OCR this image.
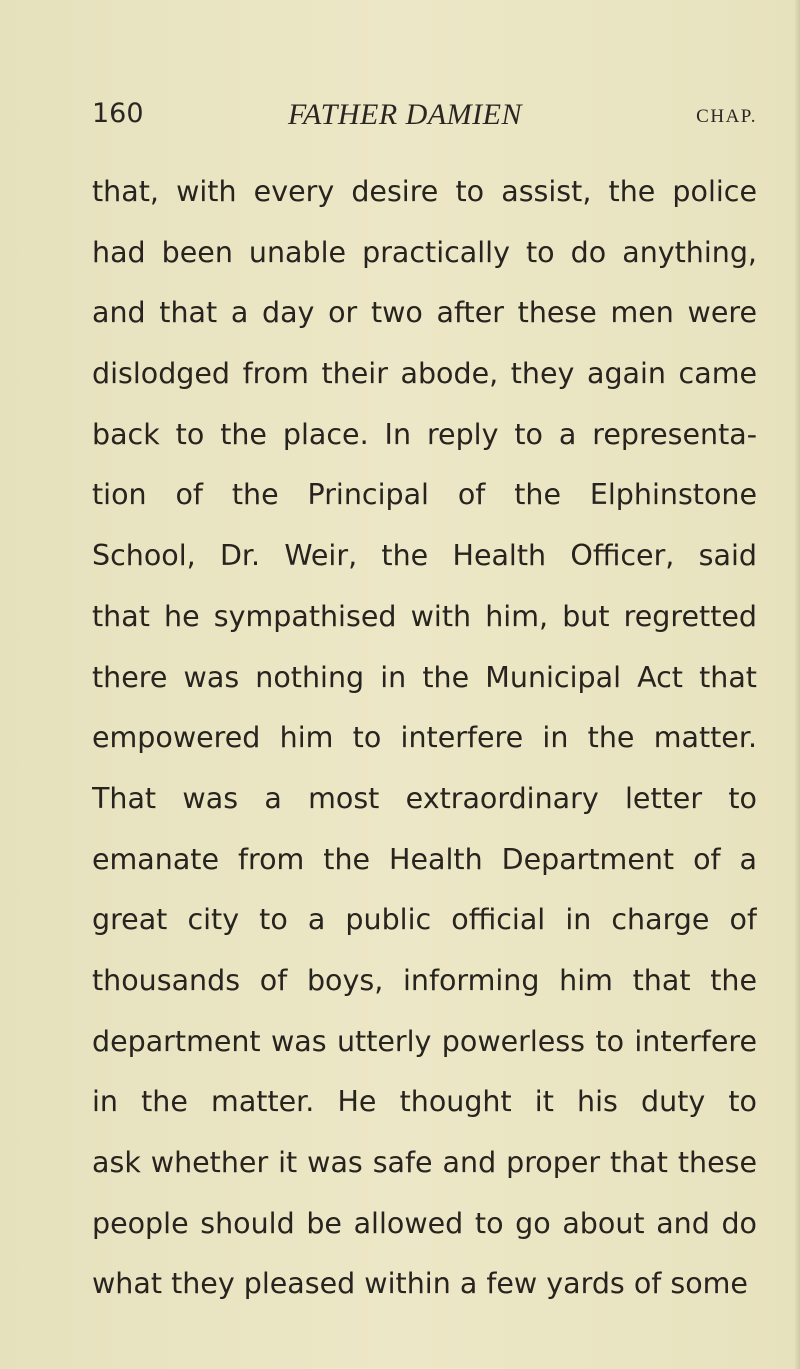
160	FATHER DAMIEN	CHAP.
that, with every desire to assist, the police
had been unable practically to do anything,
and that a day or two after these men were
dislodged from their abode, they again came
back to the place. In reply to a representa-
tion of the Principal of the Elphinstone
School, Dr. Weir, the Health Officer, said
that he sympathised with him, but regretted
there was nothing in the Municipal Act that
empowered him to interfere in the matter.
That was a most extraordinary letter to
emanate from the Health Department of a
great city to a public official in charge of
thousands of boys, informing him that the
department was utterly powerless to interfere
in the matter. He thought it his duty to
ask whether it was safe and proper that these
people should be allowed to go about and do
what they pleased within a few yards of some
